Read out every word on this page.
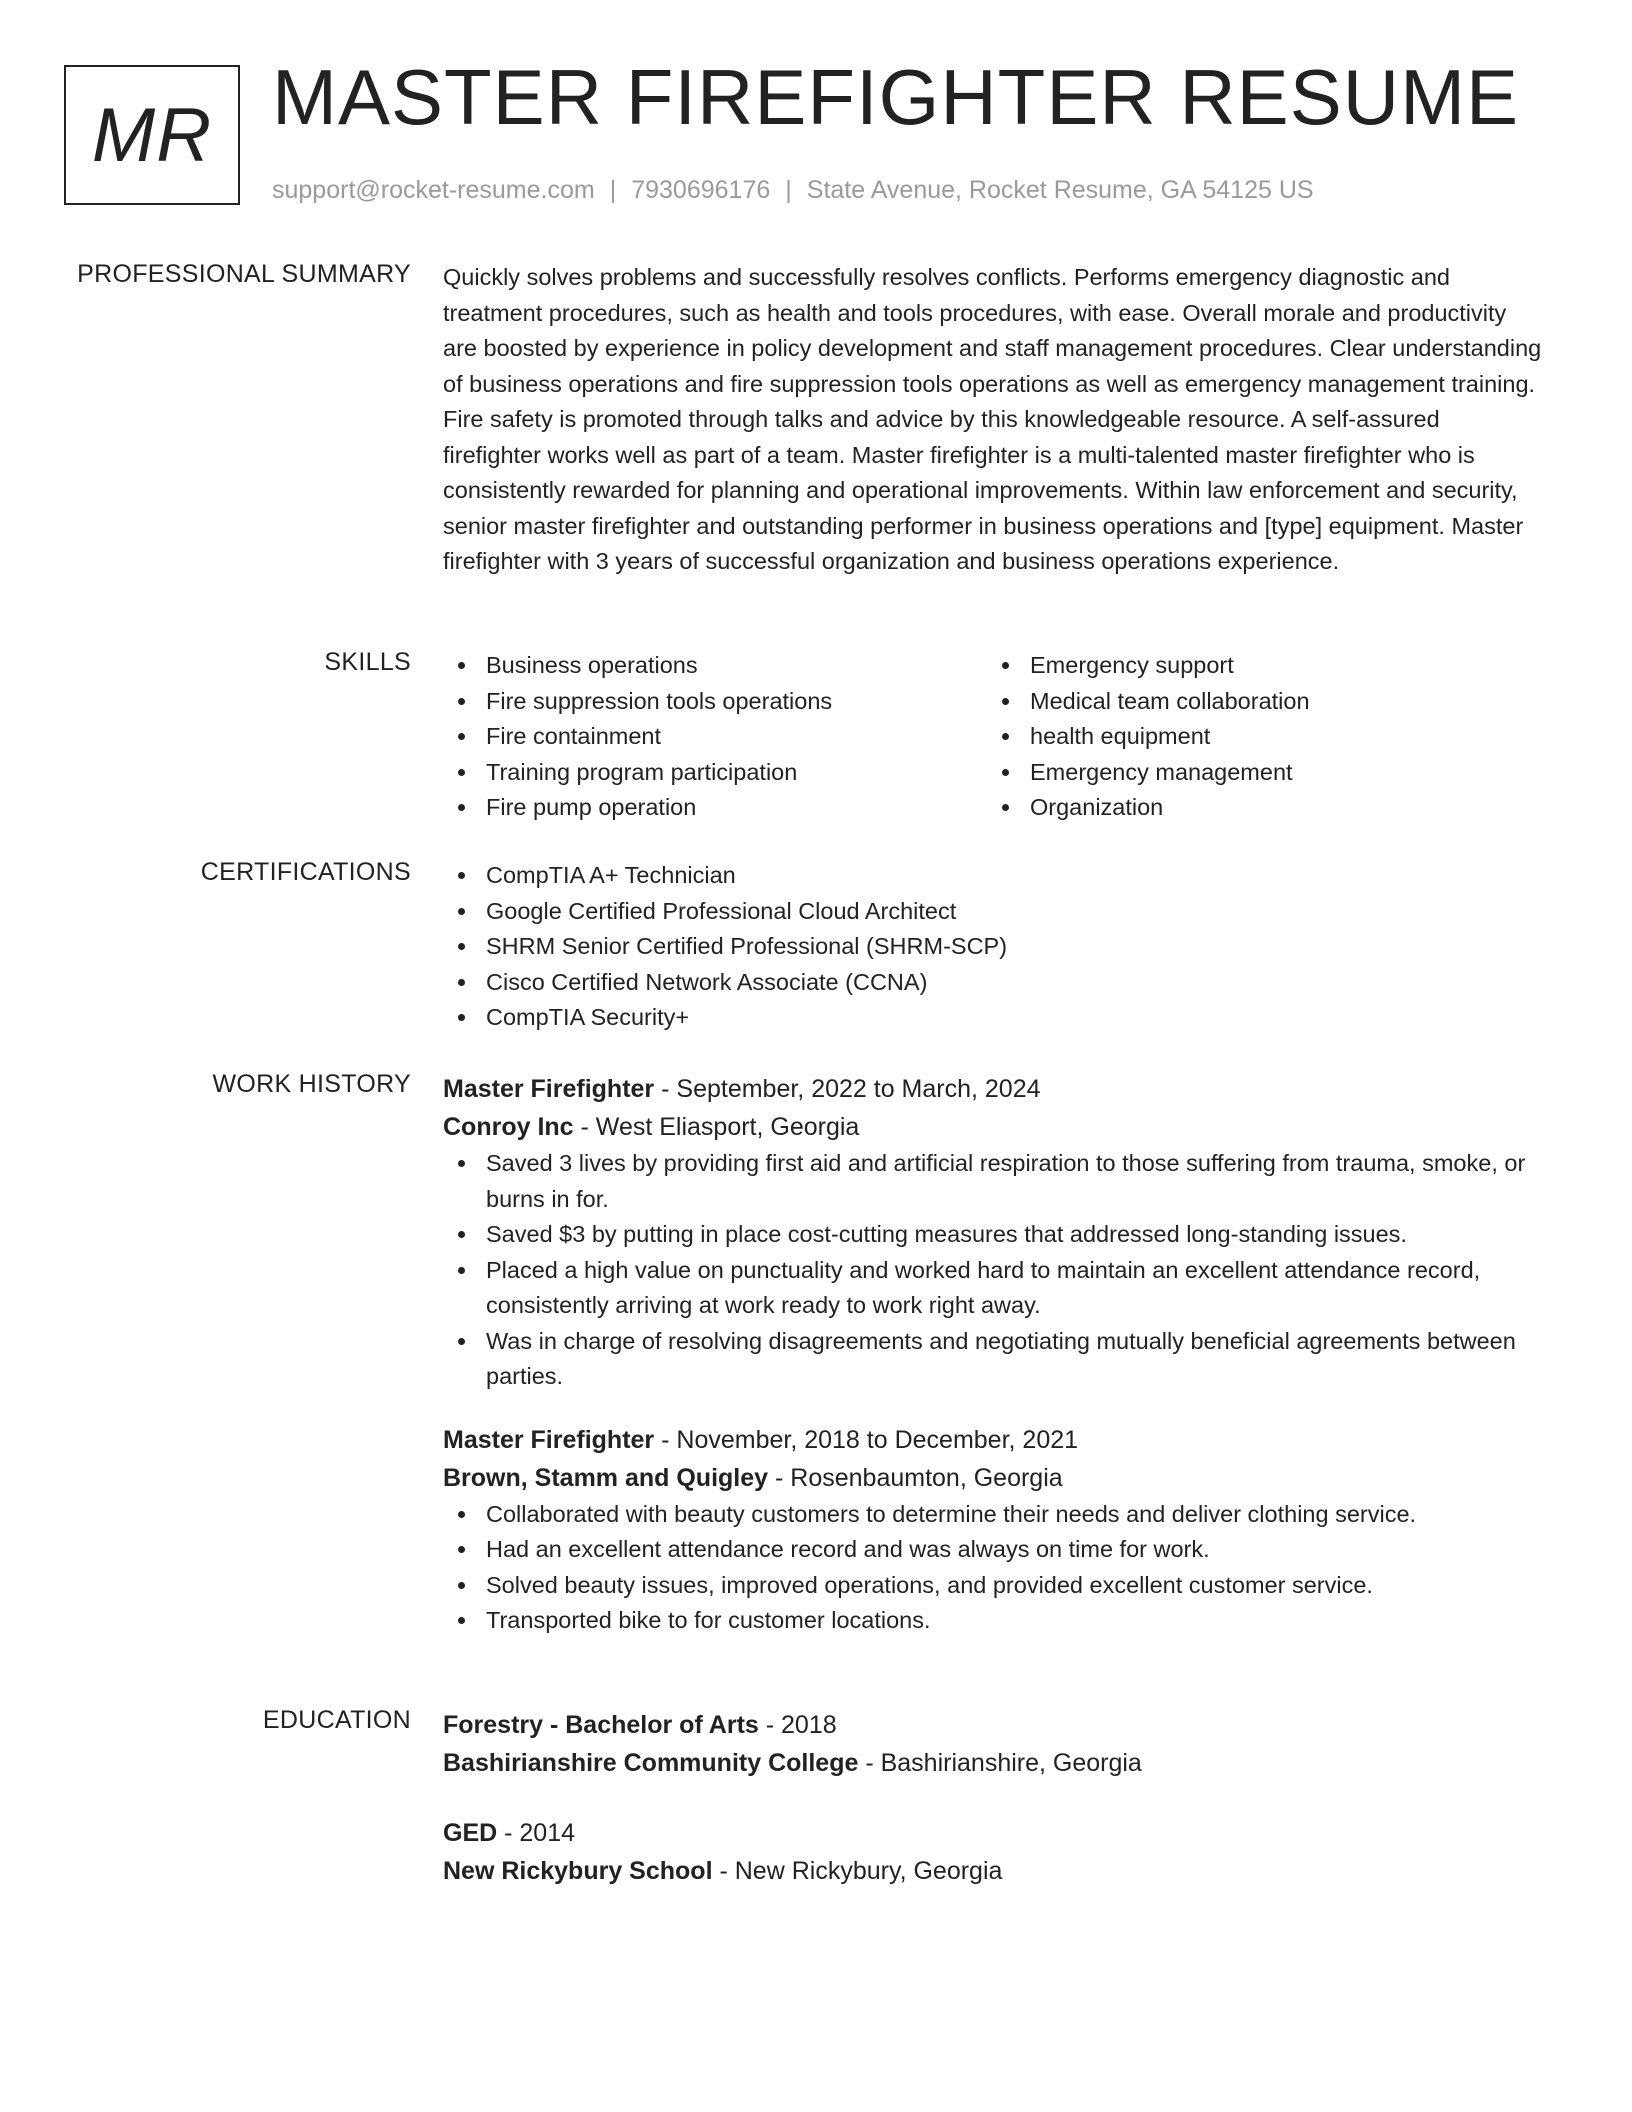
MR MASTER FIREFIGHTER RESUME
support@rocket-resume.com | 7930696176 | State Avenue, Rocket Resume, GA 54125 US
PROFESSIONAL SUMMARY Quickly solves problems and successfully resolves conflicts. Performs emergency diagnostic and treatment procedures, such as health and tools procedures, with ease. Overall morale and productivity are boosted by experience in policy development and staff management procedures. Clear understanding of business operations and fire suppression tools operations as well as emergency management training. Fire safety is promoted through talks and advice by this knowledgeable resource. A self-assured firefighter works well as part of a team. Master firefighter is a multi-talented master firefighter who is consistently rewarded for planning and operational improvements. Within law enforcement and security, senior master firefighter and outstanding performer in business operations and [type] equipment. Master firefighter with 3 years of successful organization and business operations experience.

SKILLS	Business operations
Fire suppression tools operations
Fire containment
Training program participation
Fire pump operation
Emergency support
Medical team collaboration
health equipment
Emergency management
Organization
CERTIFICATIONS	CompTIA A+ Technician
Google Certified Professional Cloud Architect
SHRM Senior Certified Professional (SHRM-SCP)
Cisco Certified Network Associate (CCNA)
CompTIA Security+
WORK HISTORY Master Firefighter - September, 2022 to March, 2024
Conroy Inc - West Eliasport, Georgia
Saved 3 lives by providing first aid and artificial respiration to those suffering from trauma, smoke, or burns in for.
Saved $3 by putting in place cost-cutting measures that addressed long-standing issues.
Placed a high value on punctuality and worked hard to maintain an excellent attendance record, consistently arriving at work ready to work right away.
Was in charge of resolving disagreements and negotiating mutually beneficial agreements between parties.
Master Firefighter - November, 2018 to December, 2021
Brown, Stamm and Quigley - Rosenbaumton, Georgia
Collaborated with beauty customers to determine their needs and deliver clothing service.
Had an excellent attendance record and was always on time for work.
Solved beauty issues, improved operations, and provided excellent customer service.
Transported bike to for customer locations.
EDUCATION Forestry - Bachelor of Arts - 2018
Bashirianshire Community College - Bashirianshire, Georgia
GED - 2014
New Rickybury School - New Rickybury, Georgia
